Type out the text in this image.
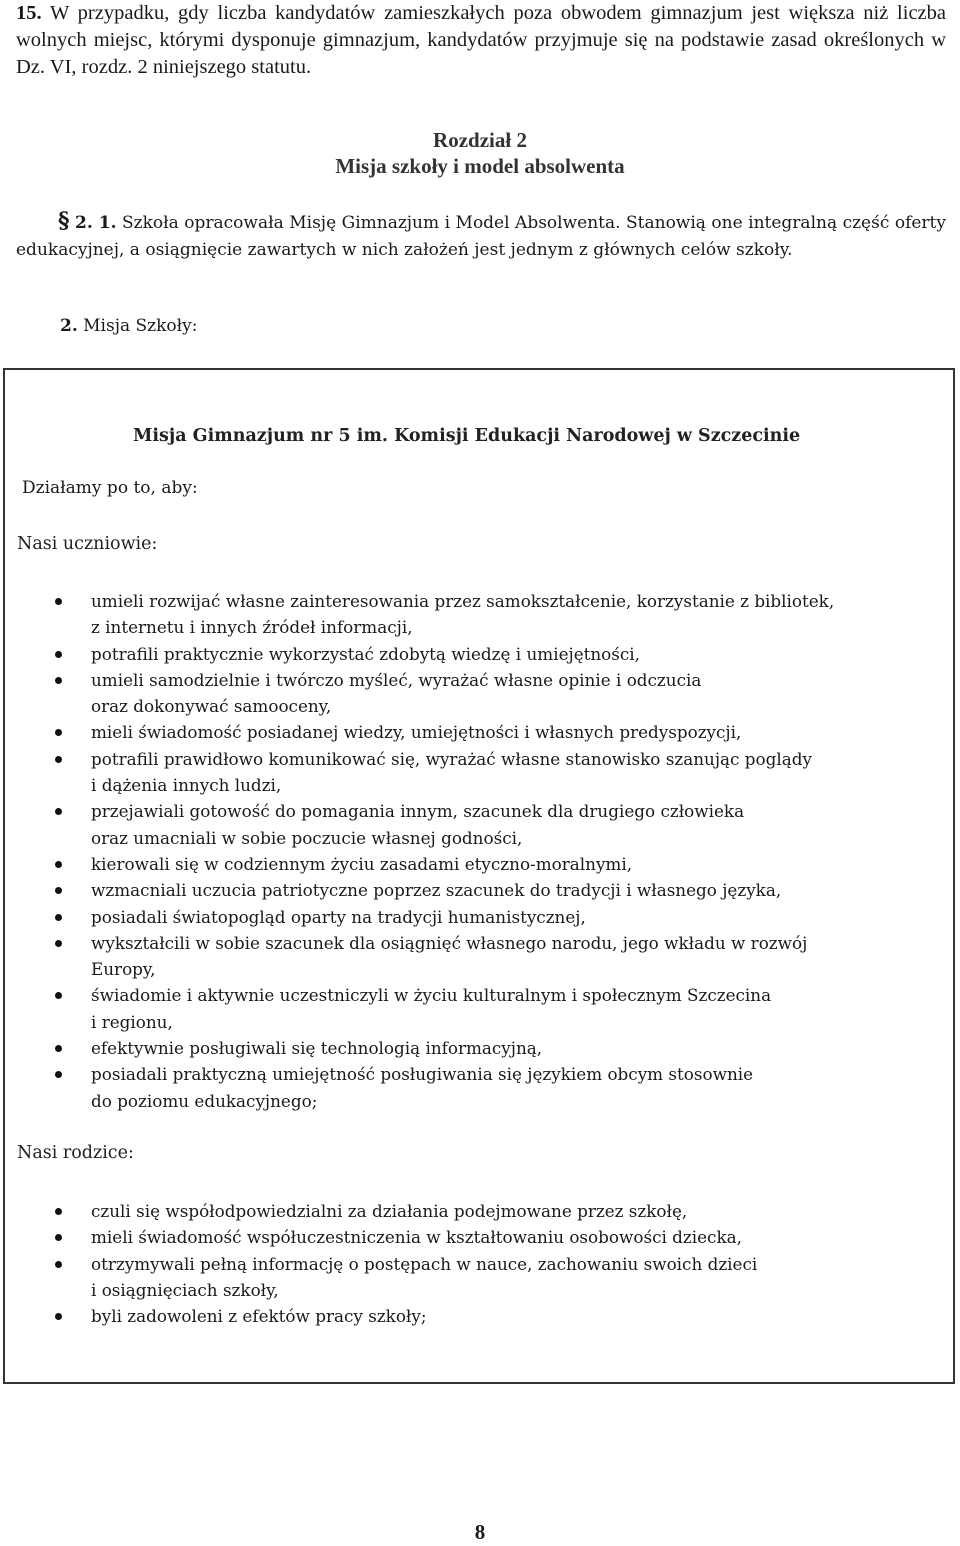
15. W przypadku, gdy liczba kandydatów zamieszkałych poza obwodem gimnazjum jest większa niż liczba wolnych miejsc, którymi dysponuje gimnazjum, kandydatów przyjmuje się na podstawie zasad określonych w Dz. VI, rozdz. 2 niniejszego statutu.
Rozdział 2
Misja szkoły i model absolwenta
§ 2. 1. Szkoła opracowała Misję Gimnazjum i Model Absolwenta. Stanowią one integralną część oferty edukacyjnej, a osiągnięcie zawartych w nich założeń jest jednym z głównych celów szkoły.
2. Misja Szkoły:
Misja Gimnazjum nr 5 im. Komisji Edukacji Narodowej w Szczecinie
Działamy po to, aby:
Nasi uczniowie:
umieli rozwijać własne zainteresowania przez samokształcenie, korzystanie z bibliotek,
z internetu i innych źródeł informacji,
potrafili praktycznie wykorzystać zdobytą wiedzę i umiejętności,
umieli samodzielnie i twórczo myśleć, wyrażać własne opinie i odczucia
oraz dokonywać samooceny,
mieli świadomość posiadanej wiedzy, umiejętności i własnych predyspozycji,
potrafili prawidłowo komunikować się, wyrażać własne stanowisko szanując poglądy
i dążenia innych ludzi,
przejawiali gotowość do pomagania innym, szacunek dla drugiego człowieka
oraz umacniali w sobie poczucie własnej godności,
kierowali się w codziennym życiu zasadami etyczno-moralnymi,
wzmacniali uczucia patriotyczne poprzez szacunek do tradycji i własnego języka,
posiadali światopogląd oparty na tradycji humanistycznej,
wykształcili w sobie szacunek dla osiągnięć własnego narodu, jego wkładu w rozwój
Europy,
świadomie i aktywnie uczestniczyli w życiu kulturalnym i społecznym Szczecina
i regionu,
efektywnie posługiwali się technologią informacyjną,
posiadali praktyczną umiejętność posługiwania się językiem obcym stosownie
do poziomu edukacyjnego;
Nasi rodzice:
czuli się współodpowiedzialni za działania podejmowane przez szkołę,
mieli świadomość współuczestniczenia w kształtowaniu osobowości dziecka,
otrzymywali pełną informację o postępach w nauce, zachowaniu swoich dzieci
i osiągnięciach szkoły,
byli zadowoleni z efektów pracy szkoły;
8
